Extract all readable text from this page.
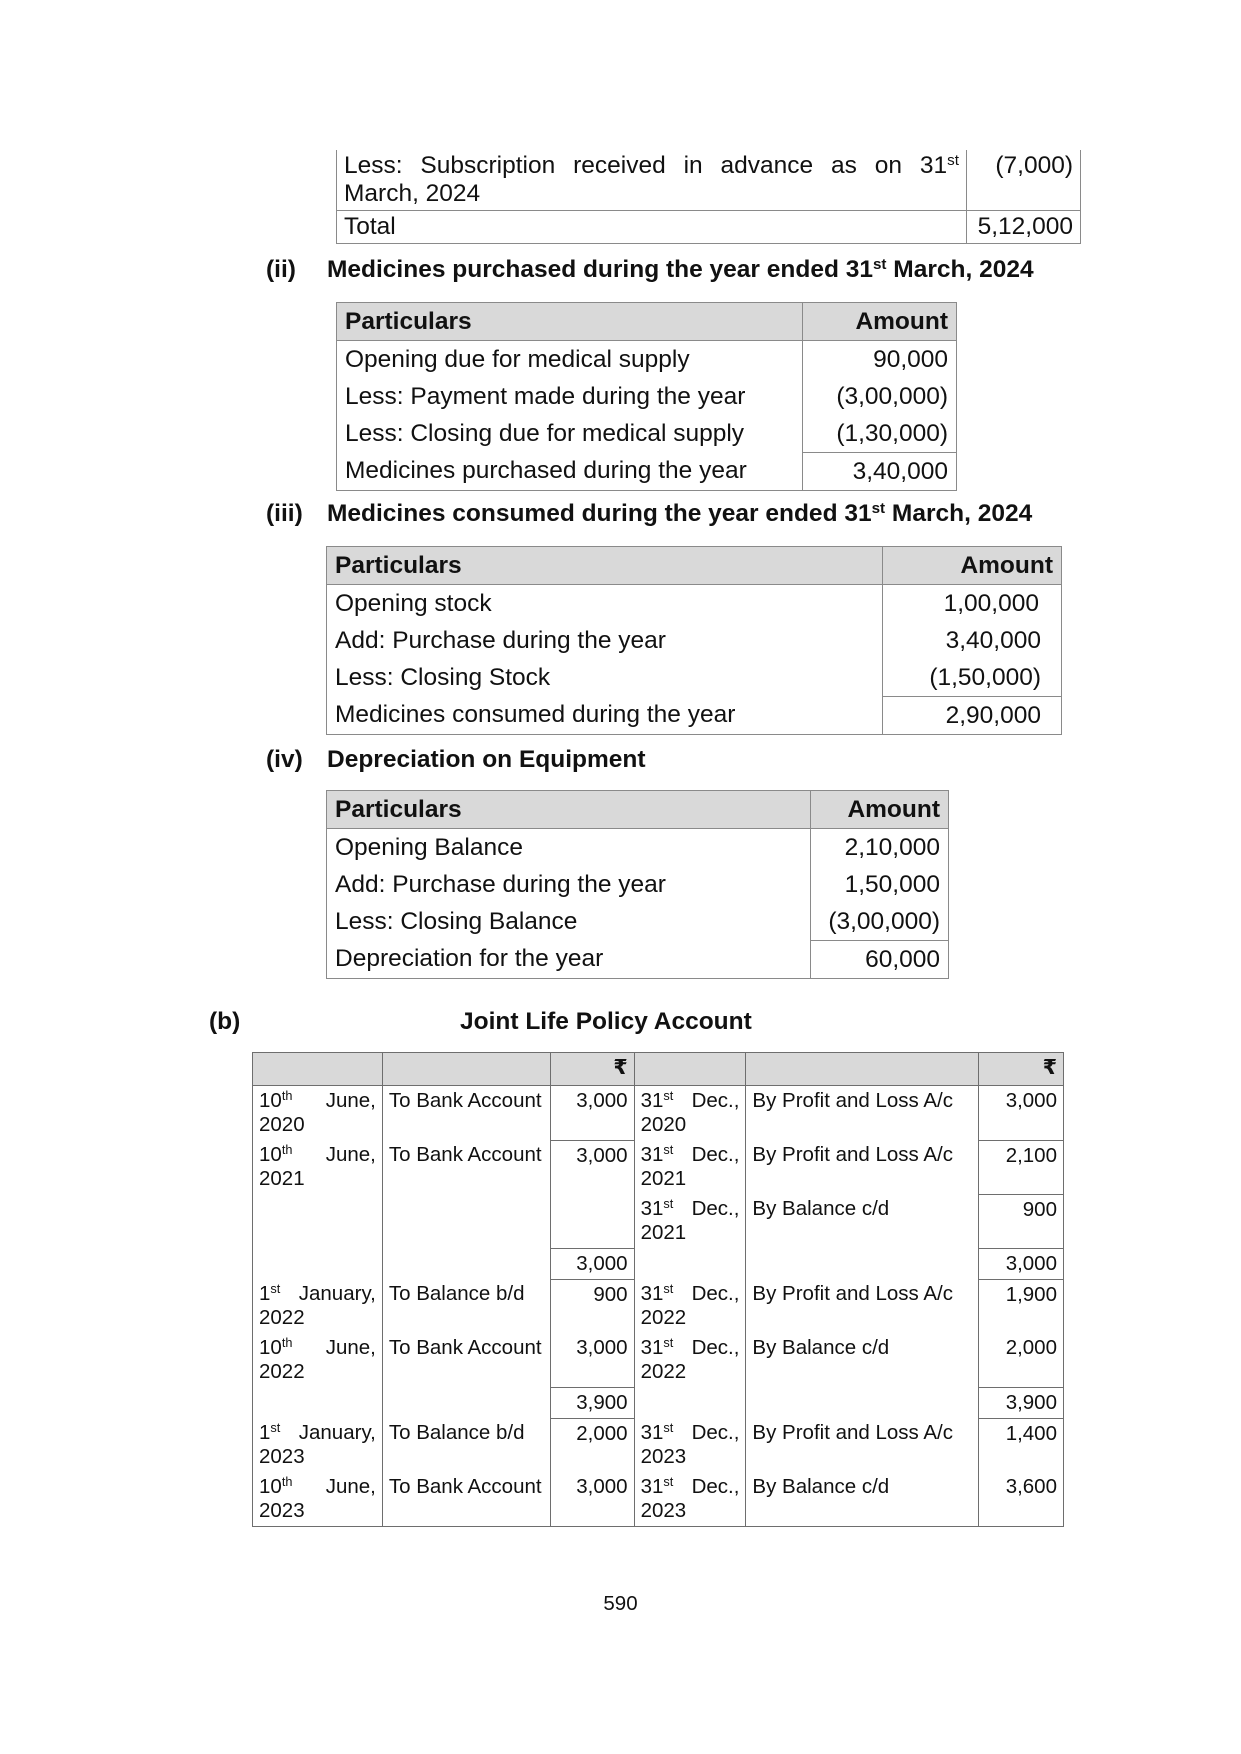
Less: Subscription received in advance as on 31st March, 2024	(7,000)
Total	5,12,000
(ii) Medicines purchased during the year ended 31st March, 2024
Particulars	Amount
Opening due for medical supply	90,000
Less: Payment made during the year	(3,00,000)
Less: Closing due for medical supply	(1,30,000)
Medicines purchased during the year	3,40,000
(iii) Medicines consumed during the year ended 31st March, 2024
Particulars	Amount
Opening stock	1,00,000
Add: Purchase during the year	3,40,000
Less: Closing Stock	(1,50,000)
Medicines consumed during the year	2,90,000
(iv) Depreciation on Equipment
Particulars	Amount
Opening Balance	2,10,000
Add: Purchase during the year	1,50,000
Less: Closing Balance	(3,00,000)
Depreciation for the year	60,000
(b)	Joint Life Policy Account
		₹			₹
10th June, 2020	To Bank Account	3,000	31st Dec., 2020	By Profit and Loss A/c	3,000
10th June, 2021	To Bank Account	3,000	31st Dec., 2021	By Profit and Loss A/c	2,100
			31st Dec., 2021	By Balance c/d	900
		3,000			3,000
1st January, 2022	To Balance b/d	900	31st Dec., 2022	By Profit and Loss A/c	1,900
10th June, 2022	To Bank Account	3,000	31st Dec., 2022	By Balance c/d	2,000
		3,900			3,900
1st January, 2023	To Balance b/d	2,000	31st Dec., 2023	By Profit and Loss A/c	1,400
10th June, 2023	To Bank Account	3,000	31st Dec., 2023	By Balance c/d	3,600
590
